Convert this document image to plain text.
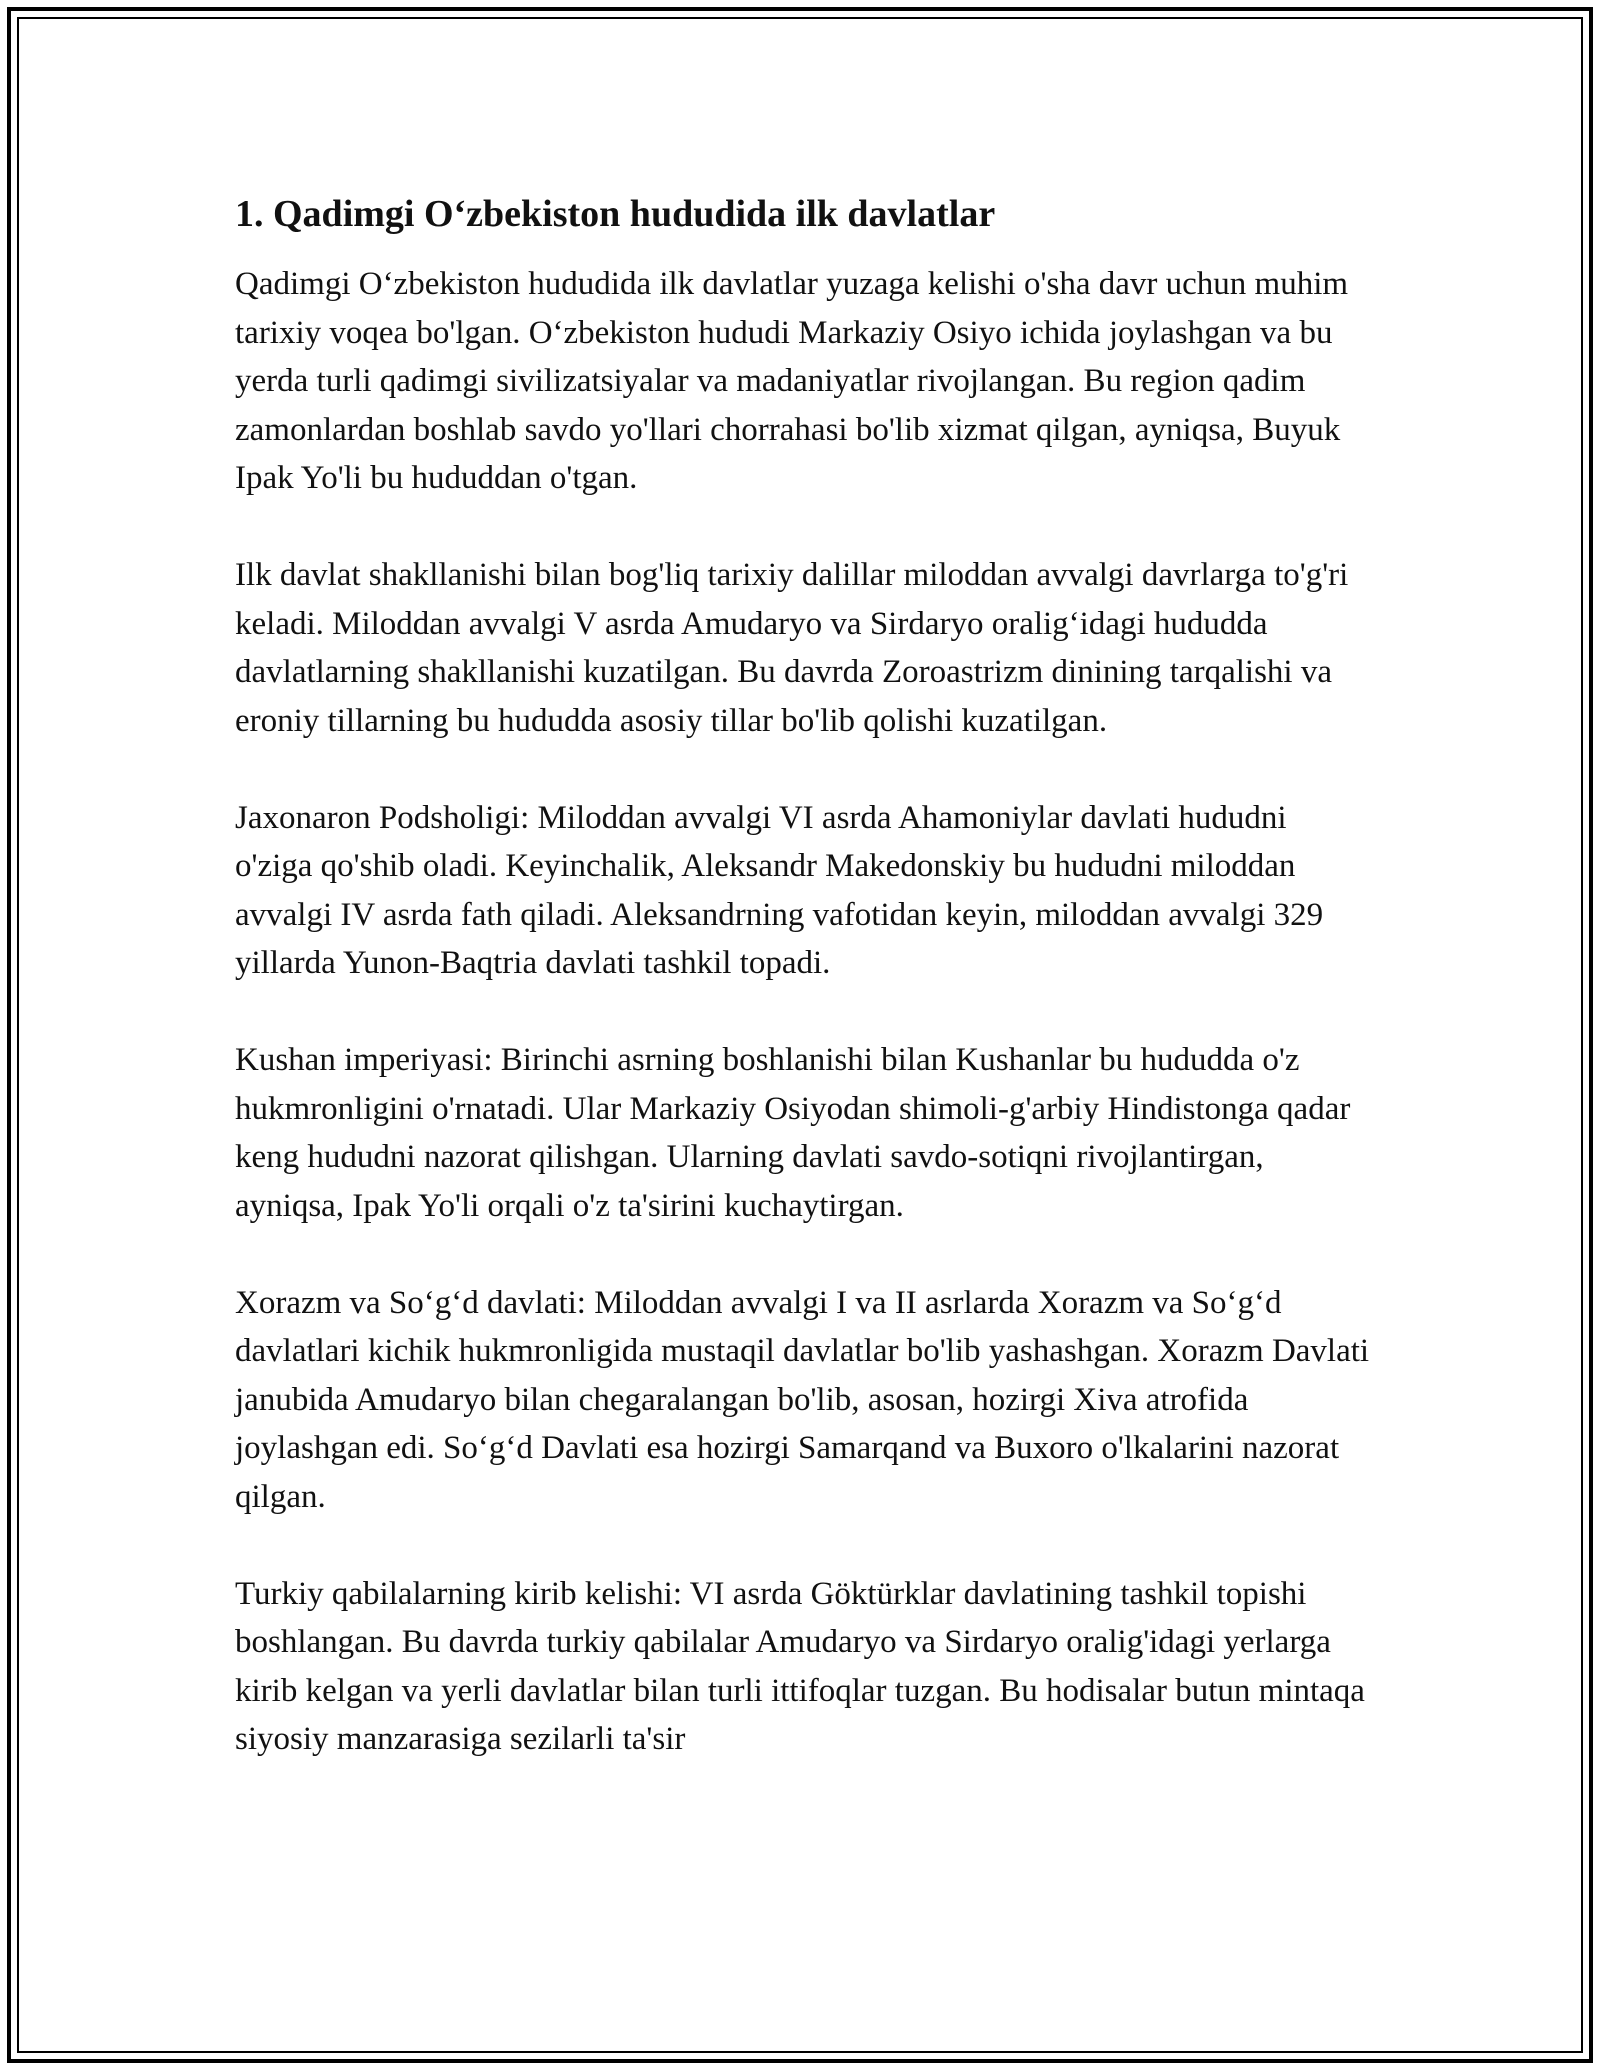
1. Qadimgi O‘zbekiston hududida ilk davlatlar

Qadimgi O‘zbekiston hududida ilk davlatlar yuzaga kelishi o'sha davr uchun muhim tarixiy voqea bo'lgan. O‘zbekiston hududi Markaziy Osiyo ichida joylashgan va bu yerda turli qadimgi sivilizatsiyalar va madaniyatlar rivojlangan. Bu region qadim zamonlardan boshlab savdo yo'llari chorrahasi bo'lib xizmat qilgan, ayniqsa, Buyuk Ipak Yo'li bu hududdan o'tgan.

Ilk davlat shakllanishi bilan bog'liq tarixiy dalillar miloddan avvalgi davrlarga to'g'ri keladi. Miloddan avvalgi V asrda Amudaryo va Sirdaryo oralig‘idagi hududda davlatlarning shakllanishi kuzatilgan. Bu davrda Zoroastrizm dinining tarqalishi va eroniy tillarning bu hududda asosiy tillar bo'lib qolishi kuzatilgan.

Jaxonaron Podsholigi: Miloddan avvalgi VI asrda Ahamoniylar davlati hududni o'ziga qo'shib oladi. Keyinchalik, Aleksandr Makedonskiy bu hududni miloddan avvalgi IV asrda fath qiladi. Aleksandrning vafotidan keyin, miloddan avvalgi 329 yillarda Yunon-Baqtria davlati tashkil topadi.

Kushan imperiyasi: Birinchi asrning boshlanishi bilan Kushanlar bu hududda o'z hukmronligini o'rnatadi. Ular Markaziy Osiyodan shimoli-g'arbiy Hindistonga qadar keng hududni nazorat qilishgan. Ularning davlati savdo-sotiqni rivojlantirgan, ayniqsa, Ipak Yo'li orqali o'z ta'sirini kuchaytirgan.

Xorazm va So‘g‘d davlati: Miloddan avvalgi I va II asrlarda Xorazm va So‘g‘d davlatlari kichik hukmronligida mustaqil davlatlar bo'lib yashashgan. Xorazm Davlati janubida Amudaryo bilan chegaralangan bo'lib, asosan, hozirgi Xiva atrofida joylashgan edi. So‘g‘d Davlati esa hozirgi Samarqand va Buxoro o'lkalarini nazorat qilgan.

Turkiy qabilalarning kirib kelishi: VI asrda Göktürklar davlatining tashkil topishi boshlangan. Bu davrda turkiy qabilalar Amudaryo va Sirdaryo oralig'idagi yerlarga kirib kelgan va yerli davlatlar bilan turli ittifoqlar tuzgan. Bu hodisalar butun mintaqa siyosiy manzarasiga sezilarli ta'sir
